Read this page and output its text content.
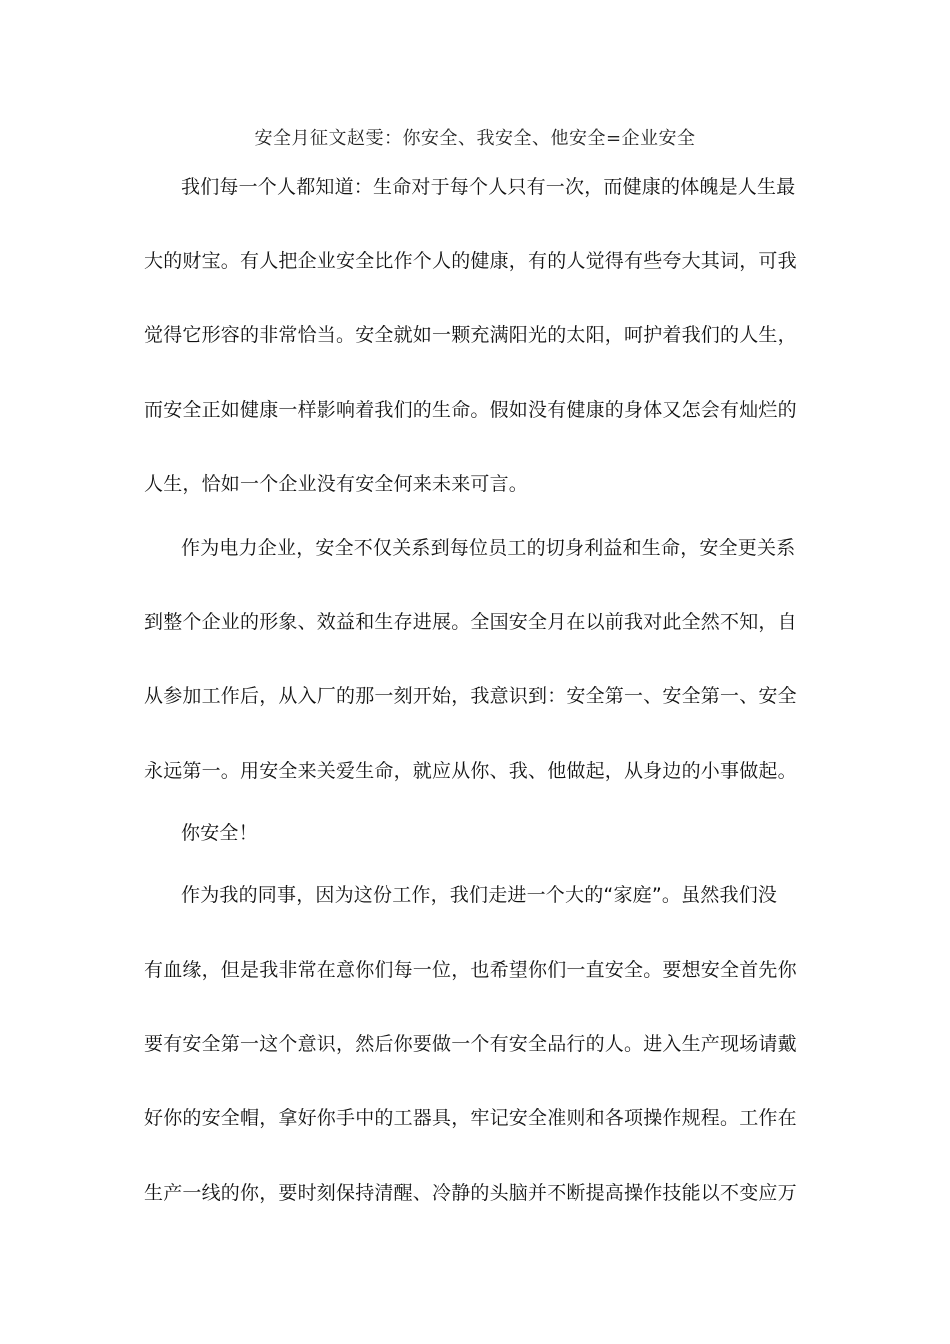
安全月征文赵雯：你安全、我安全、他安全=企业安全
我们每一个人都知道：生命对于每个人只有一次，而健康的体魄是人生最
大的财宝。有人把企业安全比作个人的健康，有的人觉得有些夸大其词，可我
觉得它形容的非常恰当。安全就如一颗充满阳光的太阳，呵护着我们的人生，
而安全正如健康一样影响着我们的生命。假如没有健康的身体又怎会有灿烂的
人生，恰如一个企业没有安全何来未来可言。
作为电力企业，安全不仅关系到每位员工的切身利益和生命，安全更关系
到整个企业的形象、效益和生存进展。全国安全月在以前我对此全然不知，自
从参加工作后，从入厂的那一刻开始，我意识到：安全第一、安全第一、安全
永远第一。用安全来关爱生命，就应从你、我、他做起，从身边的小事做起。
你安全！
作为我的同事，因为这份工作，我们走进一个大的“家庭”。虽然我们没
有血缘，但是我非常在意你们每一位，也希望你们一直安全。要想安全首先你
要有安全第一这个意识，然后你要做一个有安全品行的人。进入生产现场请戴
好你的安全帽，拿好你手中的工器具，牢记安全准则和各项操作规程。工作在
生产一线的你，要时刻保持清醒、冷静的头脑并不断提高操作技能以不变应万
